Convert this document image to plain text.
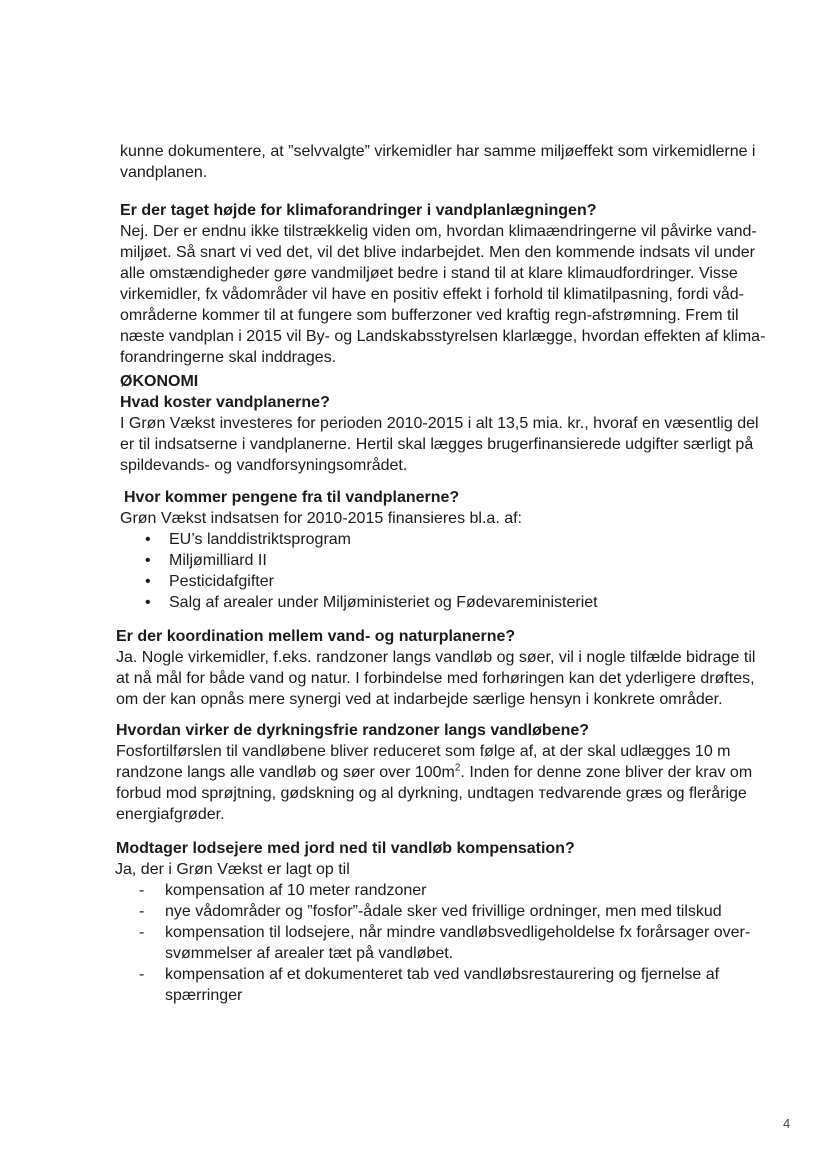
kunne dokumentere, at ”selvvalgte” virkemidler har samme miljøeffekt som virkemidlerne i
vandplanen.
Er der taget højde for klimaforandringer i vandplanlægningen?
Nej. Der er endnu ikke tilstrækkelig viden om, hvordan klimaændringerne vil påvirke vand-
miljøet. Så snart vi ved det, vil det blive indarbejdet. Men den kommende indsats vil under
alle omstændigheder gøre vandmiljøet bedre i stand til at klare klimaudfordringer. Visse
virkemidler, fx vådområder vil have en positiv effekt i forhold til klimatilpasning, fordi våd-
områderne kommer til at fungere som bufferzoner ved kraftig regn-afstrømning. Frem til
næste vandplan i 2015 vil By- og Landskabsstyrelsen klarlægge, hvordan effekten af klima-
forandringerne skal inddrages.
ØKONOMI
Hvad koster vandplanerne?
I Grøn Vækst investeres for perioden 2010-2015 i alt 13,5 mia. kr., hvoraf en væsentlig del
er til indsatserne i vandplanerne. Hertil skal lægges brugerfinansierede udgifter særligt på
spildevands- og vandforsyningsområdet.
Hvor kommer pengene fra til vandplanerne?
Grøn Vækst indsatsen for 2010-2015 finansieres bl.a. af:
• EU’s landdistriktsprogram
• Miljømilliard II
• Pesticidafgifter
• Salg af arealer under Miljøministeriet og Fødevareministeriet
Er der koordination mellem vand- og naturplanerne?
Ja. Nogle virkemidler, f.eks. randzoner langs vandløb og søer, vil i nogle tilfælde bidrage til
at nå mål for både vand og natur. I forbindelse med forhøringen kan det yderligere drøftes,
om der kan opnås mere synergi ved at indarbejde særlige hensyn i konkrete områder.
Hvordan virker de dyrkningsfrie randzoner langs vandløbene?
Fosfortilførslen til vandløbene bliver reduceret som følge af, at der skal udlægges 10 m
randzone langs alle vandløb og søer over $100m^2$. Inden for denne zone bliver der krav om
forbud mod sprøjtning, gødskning og al dyrkning, undtagen тedvarende græs og flerårige
energiafgrøder.
Modtager lodsejere med jord ned til vandløb kompensation?
Ja, der i Grøn Vækst er lagt op til
- kompensation af 10 meter randzoner
- nye vådområder og ”fosfor”-ådale sker ved frivillige ordninger, men med tilskud
- kompensation til lodsejere, når mindre vandløbsvedligeholdelse fx forårsager over-
svømmelser af arealer tæt på vandløbet.
- kompensation af et dokumenteret tab ved vandløbsrestaurering og fjernelse af
spærringer
4
